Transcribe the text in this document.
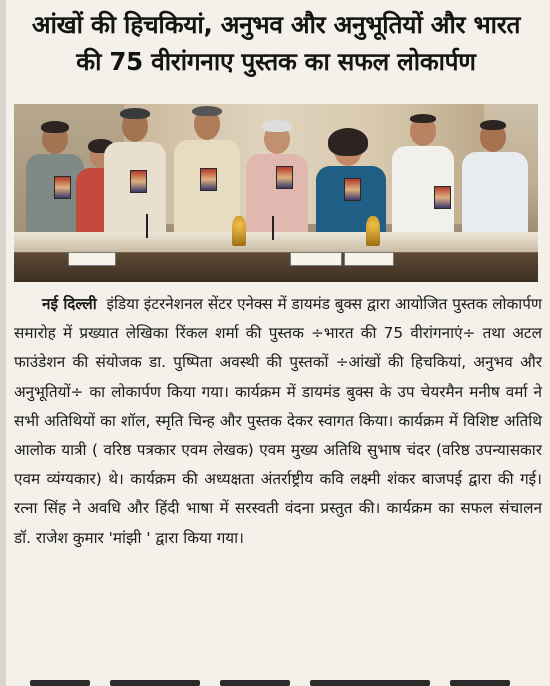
आंखों की हिचकियां, अनुभव और अनुभूतियों और भारत
की 75 वीरांगनाए पुस्तक का सफल लोकार्पण
नई दिल्ली इंडिया इंटरनेशनल सेंटर एनेक्स में डायमंड बुक्स द्वारा आयोजित पुस्तक लोकार्पण समारोह में प्रख्यात लेखिका रिंकल शर्मा की पुस्तक ÷भारत की 75 वीरांगनाएं÷ तथा अटल फाउंडेशन की संयोजक डा. पुष्पिता अवस्थी की पुस्तकों ÷आंखों की हिचकियां, अनुभव और अनुभूतियों÷ का लोकार्पण किया गया। कार्यक्रम में डायमंड बुक्स के उप चेयरमैन मनीष वर्मा ने सभी अतिथियों का शॉल, स्मृति चिन्ह और पुस्तक देकर स्वागत किया। कार्यक्रम में विशिष्ट अतिथि आलोक यात्री ( वरिष्ठ पत्रकार एवम लेखक) एवम मुख्य अतिथि सुभाष चंदर (वरिष्ठ उपन्यासकार एवम व्यंग्यकार) थे। कार्यक्रम की अध्यक्षता अंतर्राष्ट्रीय कवि लक्ष्मी शंकर बाजपई द्वारा की गई। रत्ना सिंह ने अवधि और हिंदी भाषा में सरस्वती वंदना प्रस्तुत की। कार्यक्रम का सफल संचालन डॉ. राजेश कुमार 'मांझी ' द्वारा किया गया।
